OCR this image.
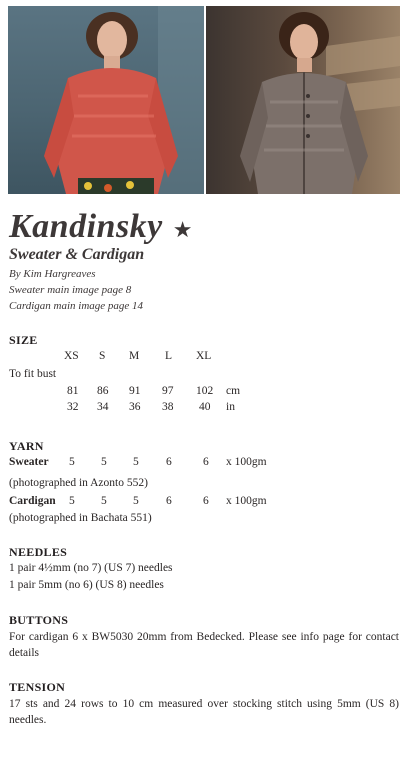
Kandinsky ★
Sweater & Cardigan
By Kim Hargreaves
Sweater main image page 8
Cardigan main image page 14
SIZE
XS S M L XL
To fit bust
81 86 91 97 102 cm
32 34 36 38 40 in
YARN
Sweater 5 5 5 6	6 x 100gm
(photographed in Azonto 552)
Cardigan 5 5 5 6	6 x 100gm
(photographed in Bachata 551)
NEEDLES
1 pair 4½mm (no 7) (US 7) needles
1 pair 5mm (no 6) (US 8) needles
BUTTONS
For cardigan 6 x BW5030 20mm from Bedecked. Please see info page for contact details
TENSION
17 sts and 24 rows to 10 cm measured over stocking stitch using 5mm (US 8) needles.
